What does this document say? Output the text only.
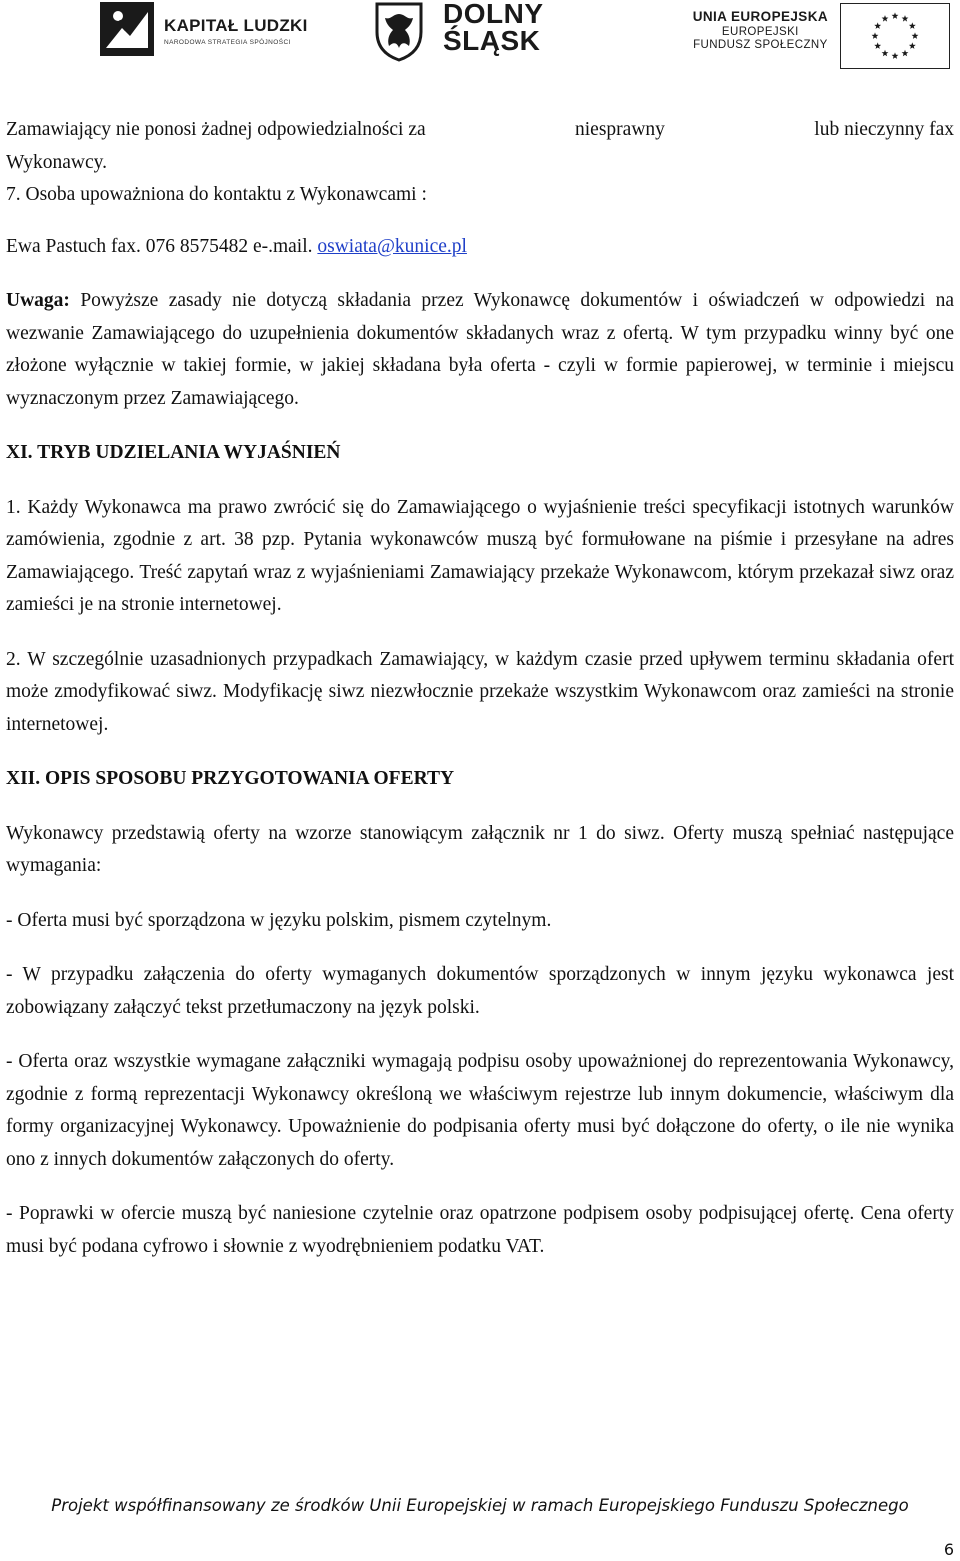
KAPITAŁ LUDZKI
NARODOWA STRATEGIA SPÓJNOŚCI
DOLNY
ŚLĄSK
UNIA EUROPEJSKA
EUROPEJSKI
FUNDUSZ SPOŁECZNY

Zamawiający nie ponosi żadnej odpowiedzialności za	niesprawny	lub nieczynny fax
Wykonawcy.

7. Osoba upoważniona do kontaktu z Wykonawcami :

Ewa Pastuch fax. 076 8575482 e-.mail. oswiata@kunice.pl

Uwaga: Powyższe zasady nie dotyczą składania przez Wykonawcę dokumentów i oświadczeń w odpowiedzi na wezwanie Zamawiającego do uzupełnienia dokumentów składanych wraz z ofertą. W tym przypadku winny być one złożone wyłącznie w takiej formie, w jakiej składana była oferta - czyli w formie papierowej, w terminie i miejscu wyznaczonym przez Zamawiającego.

XI. TRYB UDZIELANIA WYJAŚNIEŃ

1. Każdy Wykonawca ma prawo zwrócić się do Zamawiającego o wyjaśnienie treści specyfikacji istotnych warunków zamówienia, zgodnie z art. 38 pzp. Pytania wykonawców muszą być formułowane na piśmie i przesyłane na adres Zamawiającego. Treść zapytań wraz z wyjaśnieniami Zamawiający przekaże Wykonawcom, którym przekazał siwz oraz zamieści je na stronie internetowej.

2. W szczególnie uzasadnionych przypadkach Zamawiający, w każdym czasie przed upływem terminu składania ofert może zmodyfikować siwz. Modyfikację siwz niezwłocznie przekaże wszystkim Wykonawcom oraz zamieści na stronie internetowej.

XII. OPIS SPOSOBU PRZYGOTOWANIA OFERTY

Wykonawcy przedstawią oferty na wzorze stanowiącym załącznik nr 1 do siwz. Oferty muszą spełniać następujące wymagania:

- Oferta musi być sporządzona w języku polskim, pismem czytelnym.

- W przypadku załączenia do oferty wymaganych dokumentów sporządzonych w innym języku wykonawca jest zobowiązany załączyć tekst przetłumaczony na język polski.

- Oferta oraz wszystkie wymagane załączniki wymagają podpisu osoby upoważnionej do reprezentowania Wykonawcy, zgodnie z formą reprezentacji Wykonawcy określoną we właściwym rejestrze lub innym dokumencie, właściwym dla formy organizacyjnej Wykonawcy. Upoważnienie do podpisania oferty musi być dołączone do oferty, o ile nie wynika ono z innych dokumentów załączonych do oferty.

- Poprawki w ofercie muszą być naniesione czytelnie oraz opatrzone podpisem osoby podpisującej ofertę. Cena oferty musi być podana cyfrowo i słownie z wyodrębnieniem podatku VAT.

Projekt współfinansowany ze środków Unii Europejskiej w ramach Europejskiego Funduszu Społecznego
6
